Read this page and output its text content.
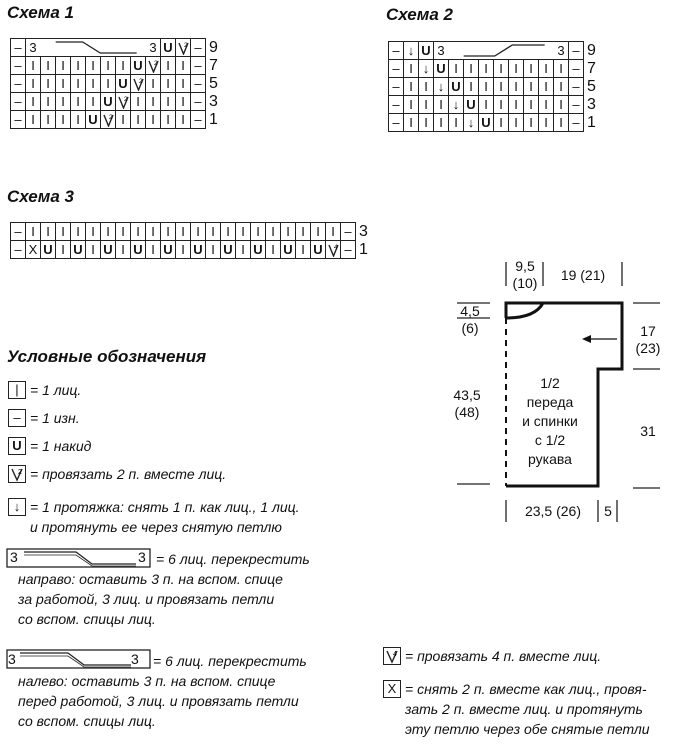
Схема 1	Схема 2
Схема 3
–	3								3	U	2	–	9
–	I	I	I	I	I	I	I	U	2	I	I	–	7
–	I	I	I	I	I	I	U	2	I	I	I	–	5
–	I	I	I	I	I	U	2	I	I	I	I	–	3
–	I	I	I	I	U	2	I	I	I	I	I	–	1
–	↓	U	3								3	–	9
–	I	↓	U	I	I	I	I	I	I	I	I	–	7
–	I	I	↓	U	I	I	I	I	I	I	I	–	5
–	I	I	I	↓	U	I	I	I	I	I	I	–	3
–	I	I	I	I	↓	U	I	I	I	I	I	–	1
–	I	I	I	I	I	I	I	I	I	I	I	I	I	I	I	I	I	I	I	I	I	–	3
–	X	U	I	U	I	U	I	U	I	U	I	U	I	U	I	U	I	U	I	U	4	–	1
Условные обозначения
| = 1 лиц.
– = 1 изн.
U = 1 накид
2 = провязать 2 п. вместе лиц.
↓ = 1 протяжка: снять 1 п. как лиц., 1 лиц.
и протянуть ее через снятую петлю
3	3 = 6 лиц. перекрестить
направо: оставить 3 п. на вспом. спице
за работой, 3 лиц. и провязать петли
со вспом. спицы лиц.
3	3	= 6 лиц. перекрестить
налево: оставить 3 п. на вспом. спице
перед работой, 3 лиц. и провязать петли
со вспом. спицы лиц.
4 = провязать 4 п. вместе лиц.
X = снять 2 п. вместе как лиц., провя-
зать 2 п. вместе лиц. и протянуть
эту петлю через обе снятые петли
1/2
переда
и спинки
с 1/2
рукава
9,5
(10)	19 (21)
4,5
(6)
43,5
(48)
17
(23)
31
23,5 (26)	5
